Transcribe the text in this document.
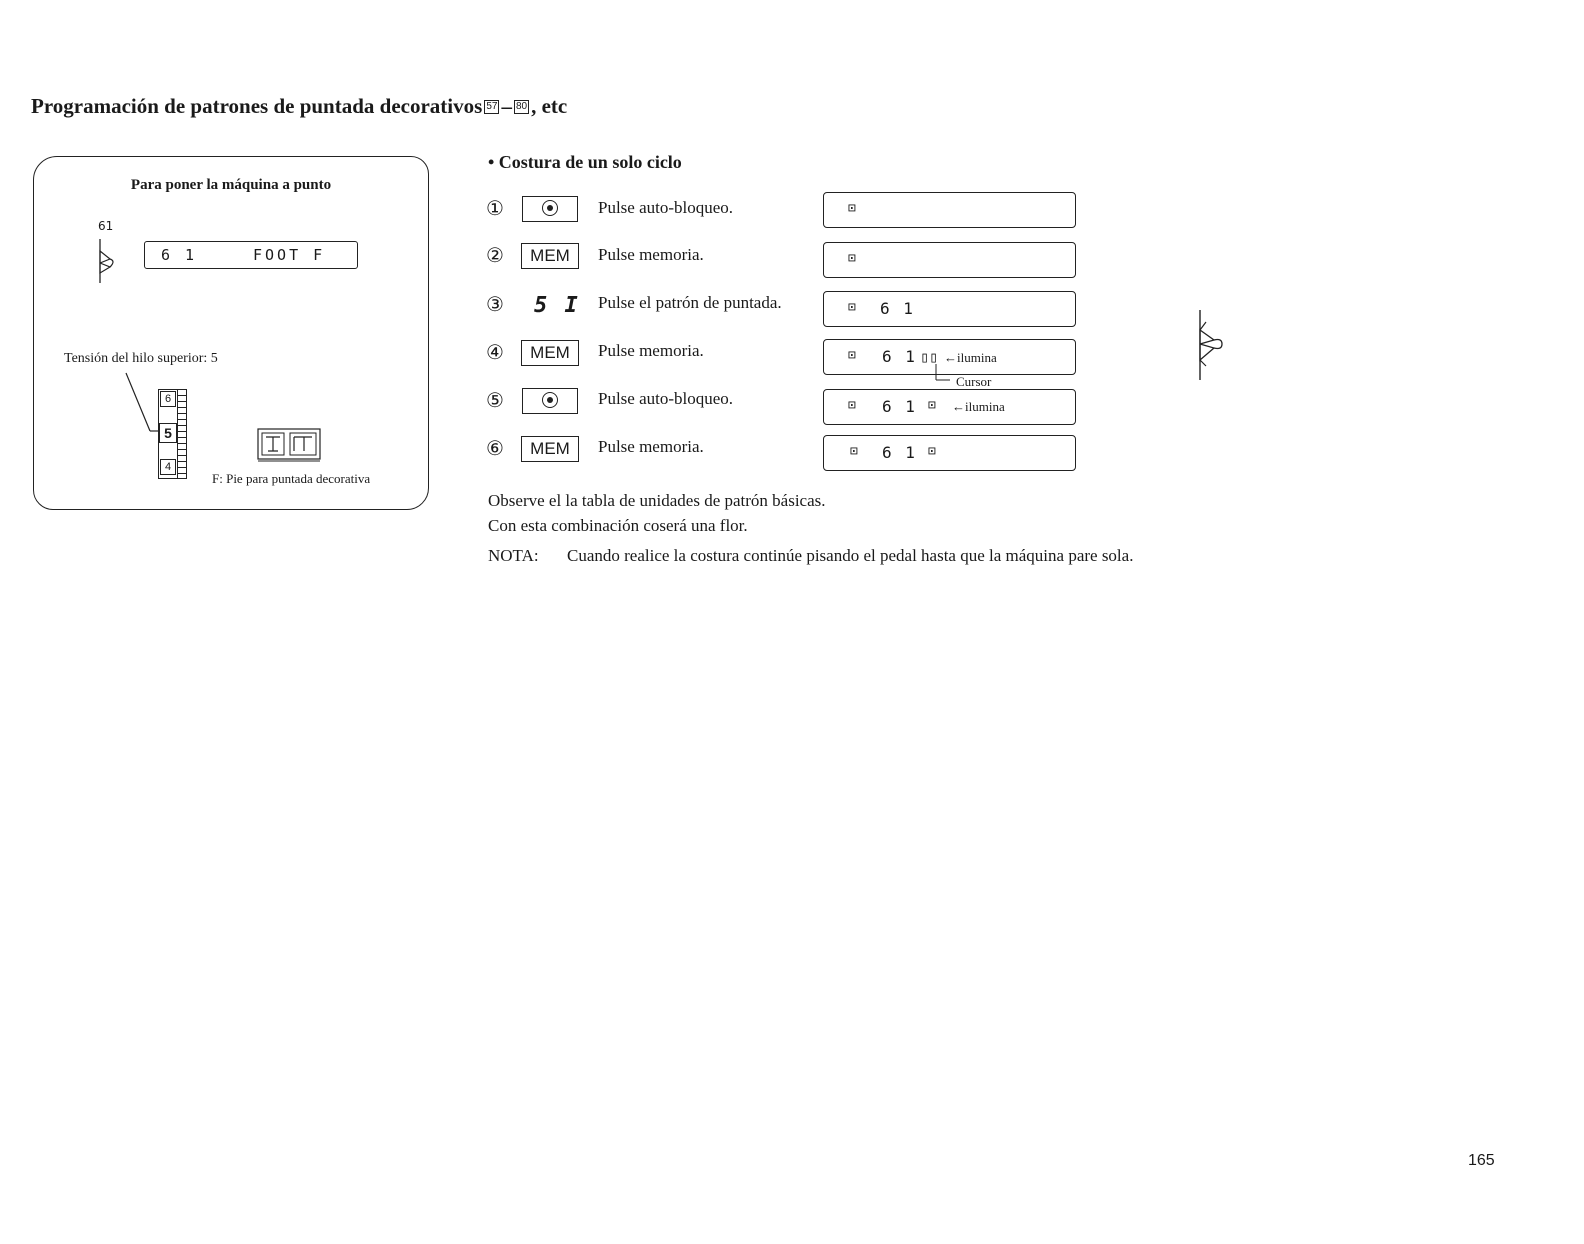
Programación de patrones de puntada decorativos 57 – 80 , etc
Para poner la máquina a punto
61
6 1	FOOT F
Tensión del hilo superior: 5
6
5
4
F: Pie para puntada decorativa
• Costura de un solo ciclo
①	Pulse auto-bloqueo.	⊡
②	MEM	Pulse memoria.	⊡
③ 5 I Pulse el patrón de puntada.	⊡ 6 1
④	MEM	Pulse memoria.	⊡ 6 1 ▯▯ ←ilumina
Cursor
⑤	Pulse auto-bloqueo.	⊡ 6 1 ⊡ ←ilumina
⑥	MEM	Pulse memoria.	⊡ 6 1 ⊡
Observe el la tabla de unidades de patrón básicas.
Con esta combinación coserá una flor.
NOTA: Cuando realice la costura continúe pisando el pedal hasta que la máquina pare sola.
165
